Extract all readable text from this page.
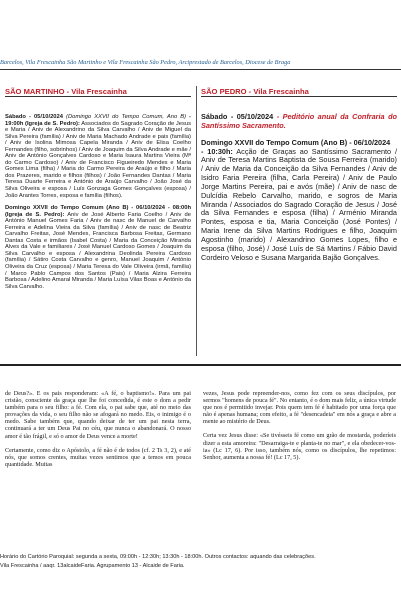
Barcelos, Vila Frescainha São Martinho e Vila Frescainha São Pedro, Arciprestado de Barcelos, Diocese de Braga
SÃO MARTINHO - Vila Frescainha	SÃO PEDRO - Vila Frescainha

Sábado - 05/10/2024 (Domingo XXVII do Tempo Comum, Ano B) - 19:00h (Igreja de S. Pedro): Associados do Sagrado Coração de Jesus e Maria / Aniv de Alexandrino da Silva Carvalho / Aniv de Miguel da Silva Pereira (família) / Aniv de Maria Machado Andrade e pais (família) / Aniv de Isolina Mimosa Capela Miranda / Aniv de Elisa Coelho Fernandes (filho, sobrinhos) / Aniv de Joaquim da Silva Andrade e mãe / Aniv de António Gonçalves Cardoso e Maria Isaura Martins Vieira (Mª do Carmo Cardoso) / Aniv de Francisco Figueiredo Mendes e Maria Gomes Lima (filha) / Maria do Carmo Pereira de Araújo e filho / Maria dos Prazeres, marido e filhos (filhos) / João Fernandes Dantas / Maria Teresa Duarte Ferreira e António de Araújo Carvalho / João José da Silva Oliveira e esposa / Luís Gonzaga Gomes Gonçalves (esposa) / João Arantes Torres, esposa e família (filhos).

Domingo XXVII do Tempo Comum (Ano B) - 06/10/2024 - 08:00h (Igreja de S. Pedro): Aniv de José Alberto Faria Coelho / Aniv de António Manuel Gomes Faria / Aniv de nasc de Manuel de Carvalho Ferreira e Adelina Vieira da Silva (família) / Aniv de nasc de Beatriz Carvalho Freitas, José Mendes, Francisca Barbosa Freitas, Germano Dantas Costa e irmãos (Isabel Costa) / Maria da Conceição Miranda Alves da Vale e familiares / José Manuel Cardoso Gomes / Joaquim da Silva Carvalho e esposa / Alexandrina Deolinda Pereira Cardoso (família) / Sátiro Costa Carvalho e genro, Manuel Joaquim / António Oliveira da Cruz (esposa) / Maria Teresa do Vale Oliveira (irmã, família) / Marco Pablo Campos dos Santos (Pais) / Maria Alzira Ferreira Barbosa / Adelino Amaral Miranda / Maria Luísa Vilas Boas e António da Silva Carvalho.

Sábado - 05/10/2024 - Peditório anual da Confraria do Santíssimo Sacramento.

Domingo XXVII do Tempo Comum (Ano B) - 06/10/2024
- 10:30h: Acção de Graças ao Santíssimo Sacramento / Aniv de Teresa Martins Baptista de Sousa Ferreira (marido) / Aniv de Maria da Conceição da Silva Fernandes / Aniv de Isidro Faria Pereira (filha, Carla Pereira) / Aniv de Paulo Jorge Martins Pereira, pai e avós (mãe) / Aniv de nasc de Dulcídia Rebelo Carvalho, marido, e sogros de Maria Miranda / Associados do Sagrado Coração de Jesus / José da Silva Fernandes e esposa (filha) / Arménio Miranda Pontes, esposa e tia, Maria Conceição (José Pontes) / Maria Irene da Silva Martins Rodrigues e filho, Joaquim Agostinho (marido) / Alexandrino Gomes Lopes, filho e esposa (filho, José) / José Luís de Sá Martins / Fábio David Cordeiro Veloso e Susana Margarida Bajão Gonçalves.

de Deus?». E os pais responderam: «A fé, o baptismo!». Para um pai cristão, consciente da graça que lhe foi concedida, é este o dom a pedir também para o seu filho: a fé. Com ela, o pai sabe que, até no meio das provações da vida, o seu filho não se afogará no medo. Eis, o inimigo é o medo. Sabe também que, quando deixar de ter um pai nesta terra, continuará a ter um Deus Pai no céu, que nunca o abandonará. O nosso amor é tão frágil, e só o amor de Deus vence a morte!

Certamente, como diz o Apóstolo, a fé não é de todos (cf. 2 Ts 3, 2), e até nós, que somos crentes, muitas vezes sentimos que a temos em pouca quantidade. Muitas

vezes, Jesus pode repreender-nos, como fez com os seus discípulos, por sermos "homens de pouca fé". No entanto, é o dom mais feliz, a única virtude que nos é permitido invejar. Pois quem tem fé é habitado por uma força que não é apenas humana; com efeito, a fé "desencadeia" em nós a graça e abre a mente ao mistério de Deus.

Certa vez Jesus disse: «Se tivésseis fé como um grão de mostarda, poderíeis dizer a esta amoreira: "Desarraiga-te e planta-te no mar", e ela obedecer-vos-ia» (Lc 17, 6). Por isso, também nós, como os discípulos, lhe repetimos: Senhor, aumenta a nossa fé! (Lc 17, 5).

Horário do Cartório Paroquial: segunda a sexta, 09:00h - 12:30h; 13:30h - 18:00h. Outros contactos: aquando das celebrações.
Vila Frescainha / aaqr. 13alcaideFaria. Agrupamento 13 - Alcaide de Faria.
